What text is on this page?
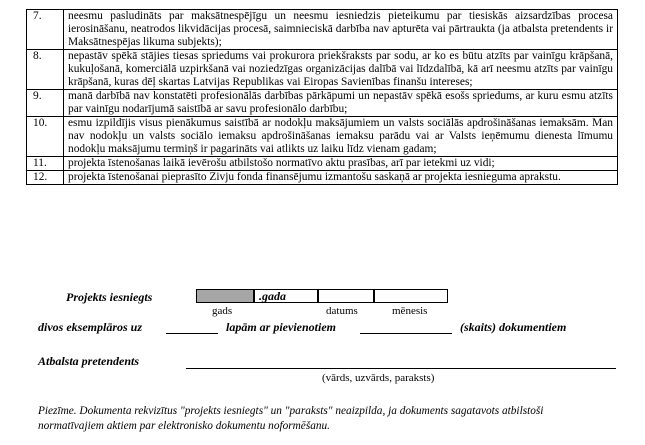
7.	neesmu pasludināts par maksātnespējīgu un neesmu iesniedzis pieteikumu par tiesiskās aizsardzības procesa ierosināšanu, neatrodos likvidācijas procesā, saimnieciskā darbība nav apturēta vai pārtraukta (ja atbalsta pretendents ir Maksātnespējas likuma subjekts);
8.	nepastāv spēkā stājies tiesas spriedums vai prokurora priekšraksts par sodu, ar ko es būtu atzīts par vainīgu krāpšanā, kukuļošanā, komerciālā uzpirkšanā vai noziedzīgas organizācijas dalībā vai līdzdalībā, kā arī neesmu atzīts par vainīgu krāpšanā, kuras dēļ skartas Latvijas Republikas vai Eiropas Savienības finanšu intereses;
9.	manā darbībā nav konstatēti profesionālās darbības pārkāpumi un nepastāv spēkā esošs spriedums, ar kuru esmu atzīts par vainīgu nodarījumā saistībā ar savu profesionālo darbību;
10.	esmu izpildījis visus pienākumus saistībā ar nodokļu maksājumiem un valsts sociālās apdrošināšanas iemaksām. Man nav nodokļu un valsts sociālo iemaksu apdrošināšanas iemaksu parādu vai ar Valsts ieņēmumu dienesta līmumu nodokļu maksājumu termiņš ir pagarināts vai atlikts uz laiku līdz vienam gadam;
11.	projekta īstenošanas laikā ievērošu atbilstošo normatīvo aktu prasības, arī par ietekmi uz vidi;
12.	projekta īstenošanai pieprasīto Zivju fonda finansējumu izmantošu saskaņā ar projekta iesnieguma aprakstu.
Projekts iesniegts	.gada
gads	datums	mēnesis
divos eksemplāros uz	lapām ar pievienotiem	(skaits) dokumentiem
Atbalsta pretendents
(vārds, uzvārds, paraksts)
Piezīme. Dokumenta rekvizītus "projekts iesniegts" un "paraksts" neaizpilda, ja dokuments sagatavots atbilstoši normatīvajiem aktiem par elektronisko dokumentu noformēšanu.
